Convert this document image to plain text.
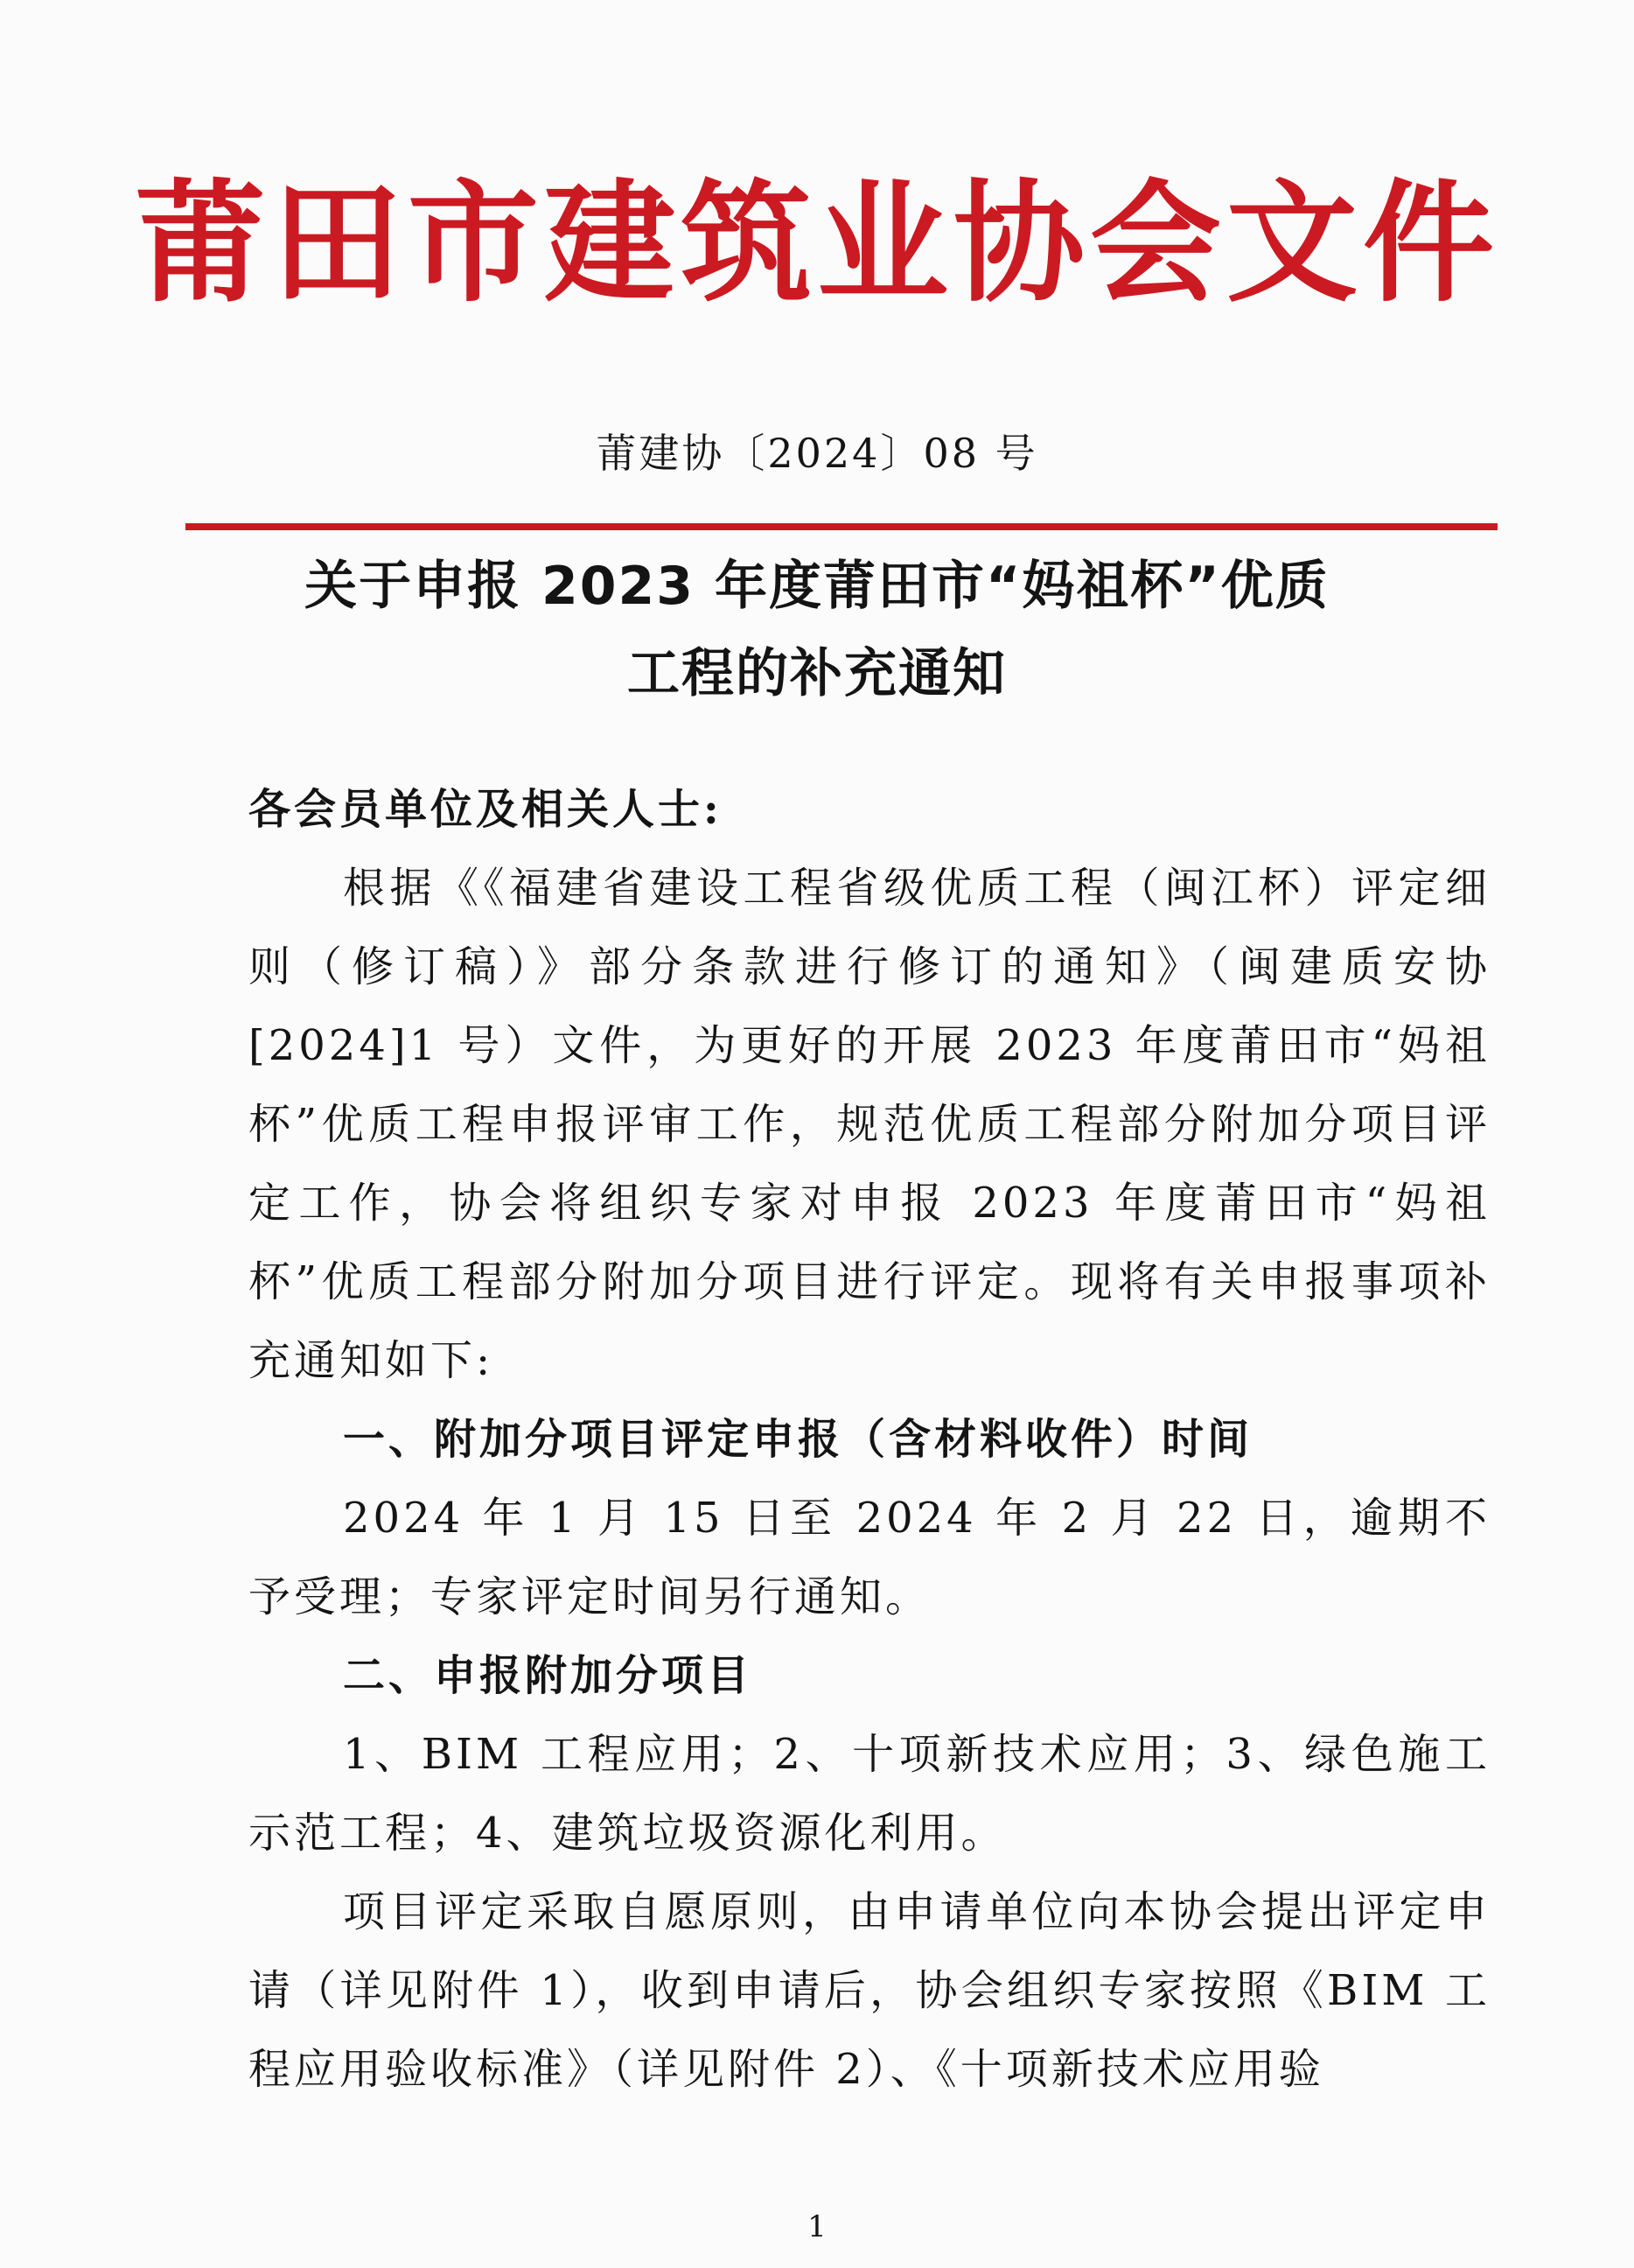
莆田市建筑业协会文件
莆建协〔2024〕08 号
关于申报 2023 年度莆田市“妈祖杯”优质
工程的补充通知

各会员单位及相关人士:

根据《《福建省建设工程省级优质工程（闽江杯）评定细则（修订稿）》部分条款进行修订的通知》（闽建质安协[2024]1 号）文件，为更好的开展 2023 年度莆田市“妈祖杯”优质工程申报评审工作，规范优质工程部分附加分项目评定工作，协会将组织专家对申报 2023 年度莆田市“妈祖杯”优质工程部分附加分项目进行评定。现将有关申报事项补充通知如下:

一、附加分项目评定申报（含材料收件）时间

2024 年 1 月 15 日至 2024 年 2 月 22 日，逾期不予受理；专家评定时间另行通知。

二、申报附加分项目

1、BIM 工程应用；2、十项新技术应用；3、绿色施工示范工程；4、建筑垃圾资源化利用。

项目评定采取自愿原则，由申请单位向本协会提出评定申请（详见附件 1），收到申请后，协会组织专家按照《BIM 工程应用验收标准》（详见附件 2）、《十项新技术应用验

1
